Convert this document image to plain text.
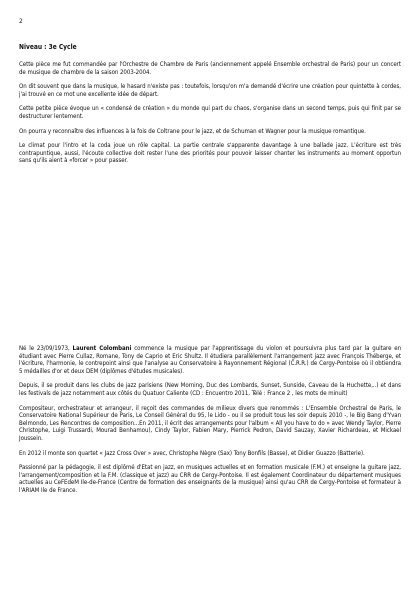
2
Niveau : 3e Cycle

Cette pièce me fut commandée par l'Orchestre de Chambre de Paris (anciennement appelé Ensemble orchestral de Paris) pour un concert de musique de chambre de la saison 2003-2004.

On dit souvent que dans la musique, le hasard n'existe pas : toutefois, lorsqu'on m'a demandé d'écrire une création pour quintette à cordes, j'ai trouvé en ce mot une excellente idée de départ.

Cette petite pièce évoque un « condensé de création » du monde qui part du chaos, s'organise dans un second temps, puis qui finit par se destructurer lentement.

On pourra y reconnaître des influences à la fois de Coltrane pour le jazz, et de Schuman et Wagner pour la musique romantique.

Le climat pour l'intro et la coda joue un rôle capital. La partie centrale s'apparente davantage à une ballade jazz. L'écriture est très contrapuntique, aussi, l'écoute collective doit rester l'une des priorités pour pouvoir laisser chanter les instruments au moment opportun sans qu'ils aient à «forcer » pour passer.

Né le 23/09/1973, Laurent Colombani commence la musique par l'apprentissage du violon et poursuivra plus tard par la guitare en étudiant avec Pierre Cullaz, Romane, Tony de Caprio et Eric Shultz. Il étudiera parallèlement l'arrangement jazz avec François Théberge, et l'écriture, l'harmonie, le contrepoint ainsi que l'analyse au Conservatoire à Rayonnement Régional (C.R.R.) de Cergy-Pontoise où il obtiendra 5 médailles d'or et deux DEM (diplômes d'études musicales).

Depuis, il se produit dans les clubs de jazz parisiens (New Morning, Duc des Lombards, Sunset, Sunside, Caveau de la Huchette,..) et dans les festivals de jazz notamment aux côtés du Quatuor Caliente (CD : Encuentro 2011, Télé : France 2 , les mots de minuit)

Compositeur, orchestrateur et arrangeur, il reçoit des commandes de milieux divers que renommés : L'Ensemble Orchestral de Paris, le Conservatoire National Supérieur de Paris, Le Conseil Général du 95, le Lido - ou il se produit tous les soir depuis 2010 -, le Big Bang d'Yvan Belmondo, Les Rencontres de composition...En 2011, il écrit des arrangements pour l'album « All you have to do » avec Wendy Taylor, Pierre Christophe, Luigi Trussardi, Mourad Benhamou), Cindy Taylor, Fabien Mary, Pierrick Pedron, David Sauzay, Xavier Richardeau, et Mickael Joussein.

En 2012 il monte son quartet « Jazz Cross Over » avec, Christophe Nègre (Sax) Tony Bonfils (Basse), et Didier Guazzo (Batterie).

Passionné par la pédagogie, il est diplômé d'Etat en jazz, en musiques actuelles et en formation musicale (F.M.) et enseigne la guitare jazz, l'arrangement/composition et la F.M. (classique et jazz) au CRR de Cergy-Pontoise. Il est également Coordinateur du département musiques actuelles au CeFEdeM Ile-de-France (Centre de formation des enseignants de la musique) ainsi qu'au CRR de Cergy-Pontoise et formateur à l'ARIAM Ile de France.
